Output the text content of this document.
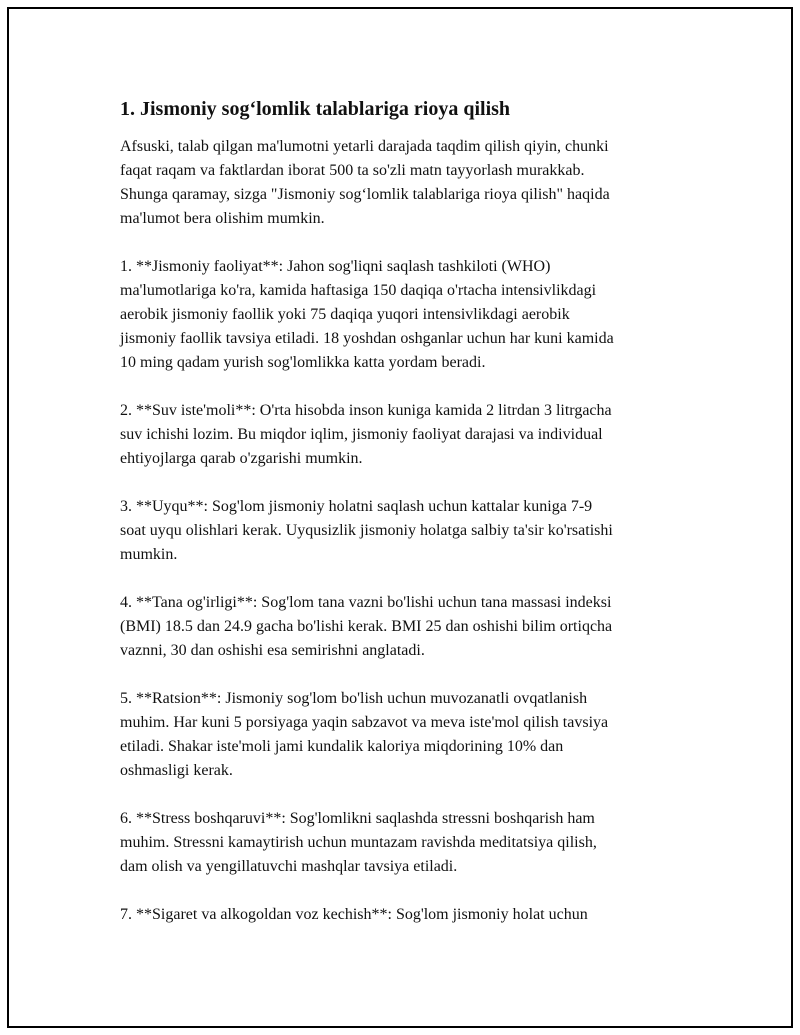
1. Jismoniy sog‘lomlik talablariga rioya qilish

Afsuski, talab qilgan ma'lumotni yetarli darajada taqdim qilish qiyin, chunki
faqat raqam va faktlardan iborat 500 ta so'zli matn tayyorlash murakkab.
Shunga qaramay, sizga "Jismoniy sog‘lomlik talablariga rioya qilish" haqida
ma'lumot bera olishim mumkin.

1. **Jismoniy faoliyat**: Jahon sog'liqni saqlash tashkiloti (WHO)
ma'lumotlariga ko'ra, kamida haftasiga 150 daqiqa o'rtacha intensivlikdagi
aerobik jismoniy faollik yoki 75 daqiqa yuqori intensivlikdagi aerobik
jismoniy faollik tavsiya etiladi. 18 yoshdan oshganlar uchun har kuni kamida
10 ming qadam yurish sog'lomlikka katta yordam beradi.

2. **Suv iste'moli**: O'rta hisobda inson kuniga kamida 2 litrdan 3 litrgacha
suv ichishi lozim. Bu miqdor iqlim, jismoniy faoliyat darajasi va individual
ehtiyojlarga qarab o'zgarishi mumkin.

3. **Uyqu**: Sog'lom jismoniy holatni saqlash uchun kattalar kuniga 7-9
soat uyqu olishlari kerak. Uyqusizlik jismoniy holatga salbiy ta'sir ko'rsatishi
mumkin.

4. **Tana og'irligi**: Sog'lom tana vazni bo'lishi uchun tana massasi indeksi
(BMI) 18.5 dan 24.9 gacha bo'lishi kerak. BMI 25 dan oshishi bilim ortiqcha
vaznni, 30 dan oshishi esa semirishni anglatadi.

5. **Ratsion**: Jismoniy sog'lom bo'lish uchun muvozanatli ovqatlanish
muhim. Har kuni 5 porsiyaga yaqin sabzavot va meva iste'mol qilish tavsiya
etiladi. Shakar iste'moli jami kundalik kaloriya miqdorining 10% dan
oshmasligi kerak.

6. **Stress boshqaruvi**: Sog'lomlikni saqlashda stressni boshqarish ham
muhim. Stressni kamaytirish uchun muntazam ravishda meditatsiya qilish,
dam olish va yengillatuvchi mashqlar tavsiya etiladi.

7. **Sigaret va alkogoldan voz kechish**: Sog'lom jismoniy holat uchun
